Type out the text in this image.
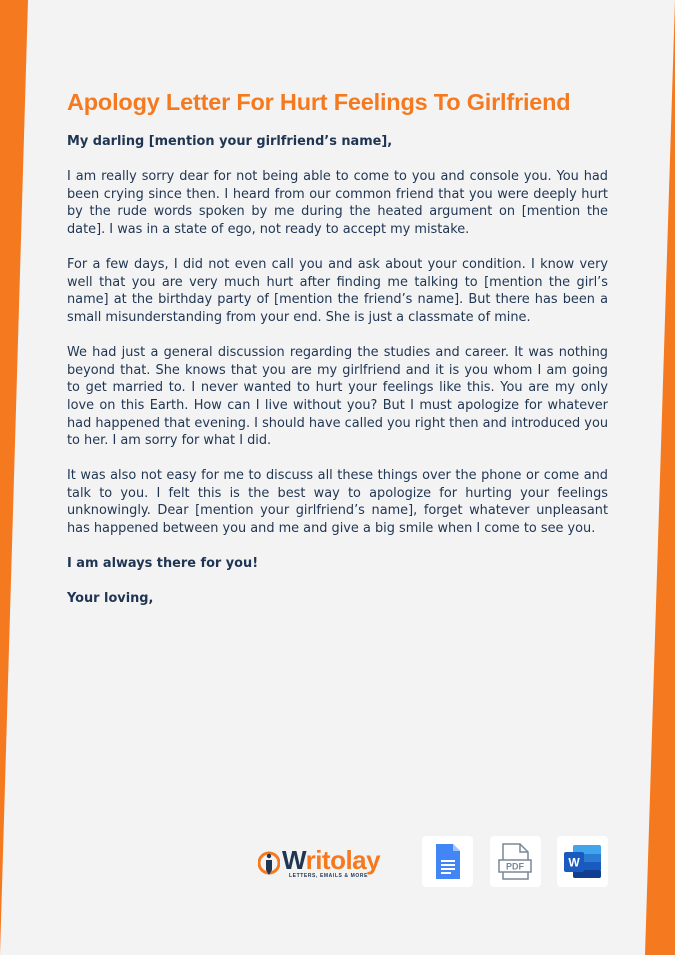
Apology Letter For Hurt Feelings To Girlfriend

My darling [mention your girlfriend’s name],

I am really sorry dear for not being able to come to you and console you. You had been crying since then. I heard from our common friend that you were deeply hurt by the rude words spoken by me during the heated argument on [mention the date]. I was in a state of ego, not ready to accept my mistake.

For a few days, I did not even call you and ask about your condition. I know very well that you are very much hurt after finding me talking to [mention the girl’s name] at the birthday party of [mention the friend’s name]. But there has been a small misunderstanding from your end. She is just a classmate of mine.

We had just a general discussion regarding the studies and career. It was nothing beyond that. She knows that you are my girlfriend and it is you whom I am going to get married to. I never wanted to hurt your feelings like this. You are my only love on this Earth. How can I live without you? But I must apologize for whatever had happened that evening. I should have called you right then and introduced you to her. I am sorry for what I did.

It was also not easy for me to discuss all these things over the phone or come and talk to you. I felt this is the best way to apologize for hurting your feelings unknowingly. Dear [mention your girlfriend’s name], forget whatever unpleasant has happened between you and me and give a big smile when I come to see you.

I am always there for you!

Your loving,

Writolay
LETTERS, EMAILS & MORE
PDF	W
